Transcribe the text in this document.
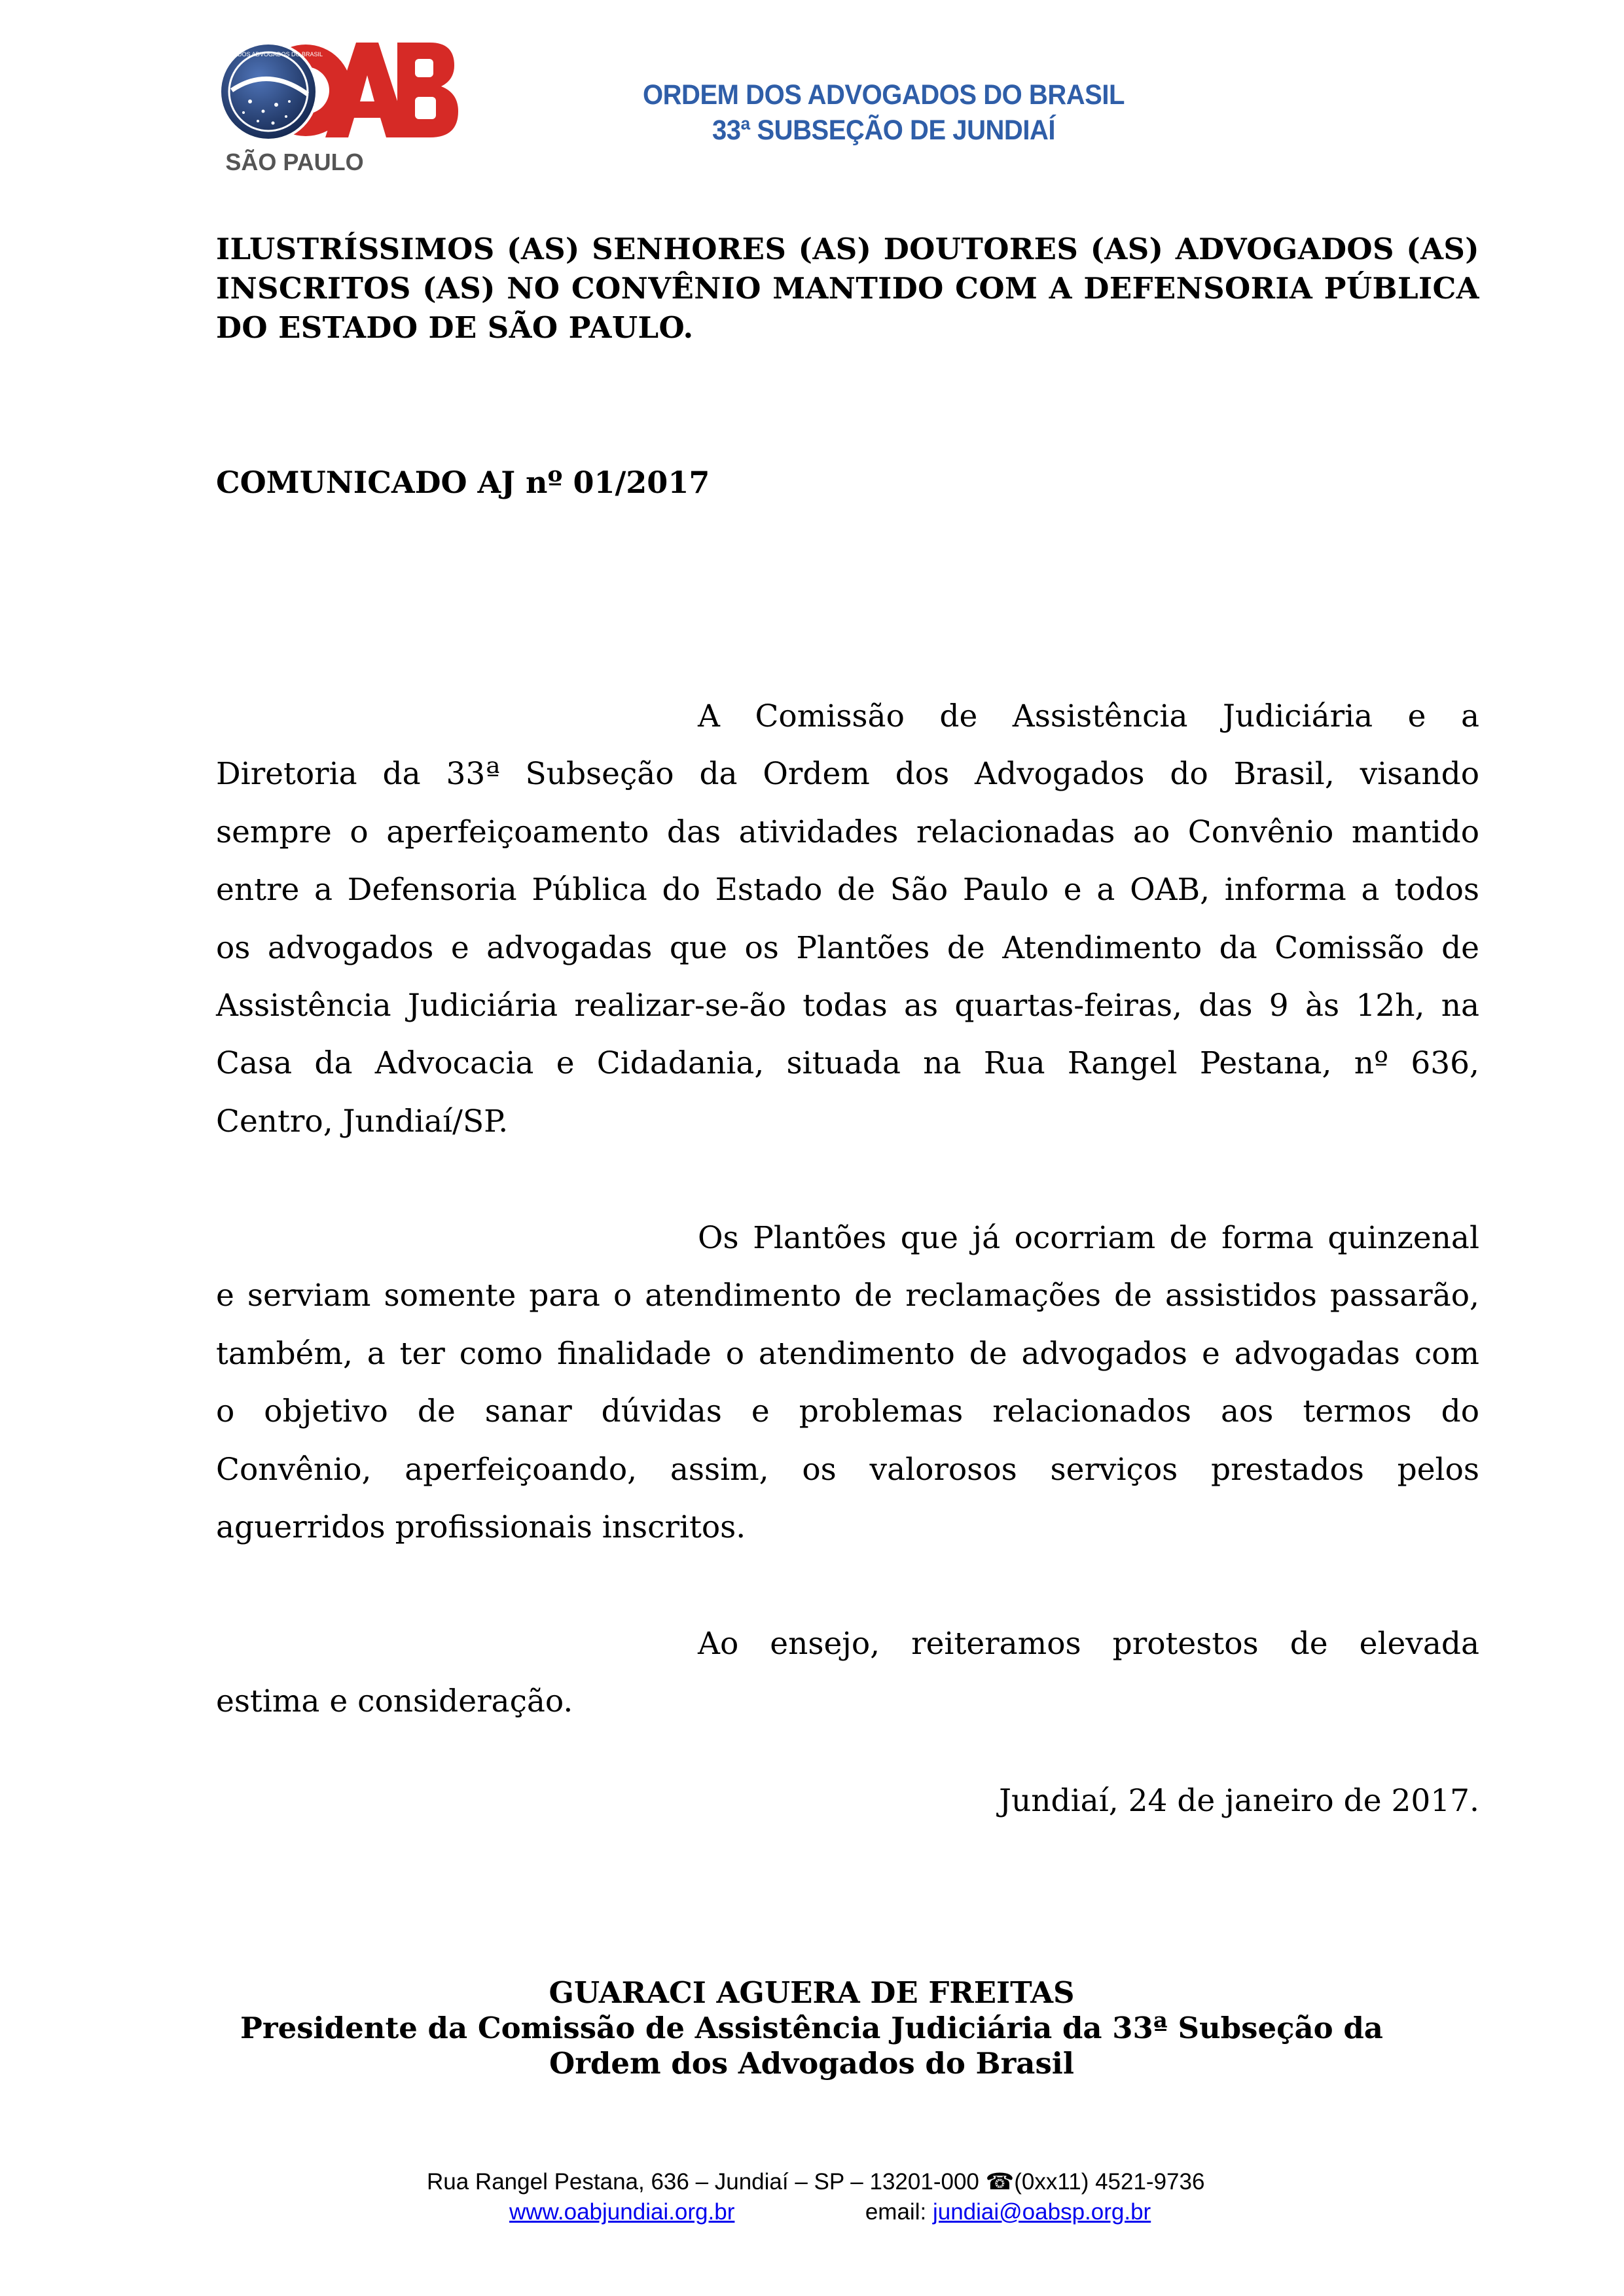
ORDEM DOS ADVOGADOS DO BRASIL
SÃO PAULO
ORDEM DOS ADVOGADOS DO BRASIL
33ª SUBSEÇÃO DE JUNDIAÍ
ILUSTRÍSSIMOS (AS) SENHORES (AS) DOUTORES (AS) ADVOGADOS (AS)
INSCRITOS (AS) NO CONVÊNIO MANTIDO COM A DEFENSORIA PÚBLICA
DO ESTADO DE SÃO PAULO.
COMUNICADO AJ nº 01/2017
A Comissão de Assistência Judiciária e a
Diretoria da 33ª Subseção da Ordem dos Advogados do Brasil, visando
sempre o aperfeiçoamento das atividades relacionadas ao Convênio mantido
entre a Defensoria Pública do Estado de São Paulo e a OAB, informa a todos
os advogados e advogadas que os Plantões de Atendimento da Comissão de
Assistência Judiciária realizar-se-ão todas as quartas-feiras, das 9 às 12h, na
Casa da Advocacia e Cidadania, situada na Rua Rangel Pestana, nº 636,
Centro, Jundiaí/SP.
Os Plantões que já ocorriam de forma quinzenal
e serviam somente para o atendimento de reclamações de assistidos passarão,
também, a ter como finalidade o atendimento de advogados e advogadas com
o objetivo de sanar dúvidas e problemas relacionados aos termos do
Convênio, aperfeiçoando, assim, os valorosos serviços prestados pelos
aguerridos profissionais inscritos.
Ao ensejo, reiteramos protestos de elevada
estima e consideração.
Jundiaí, 24 de janeiro de 2017.
GUARACI AGUERA DE FREITAS
Presidente da Comissão de Assistência Judiciária da 33ª Subseção da
Ordem dos Advogados do Brasil
Rua Rangel Pestana, 636 – Jundiaí – SP – 13201-000 ☎(0xx11) 4521-9736
www.oabjundiai.org.br	email: jundiai@oabsp.org.br
